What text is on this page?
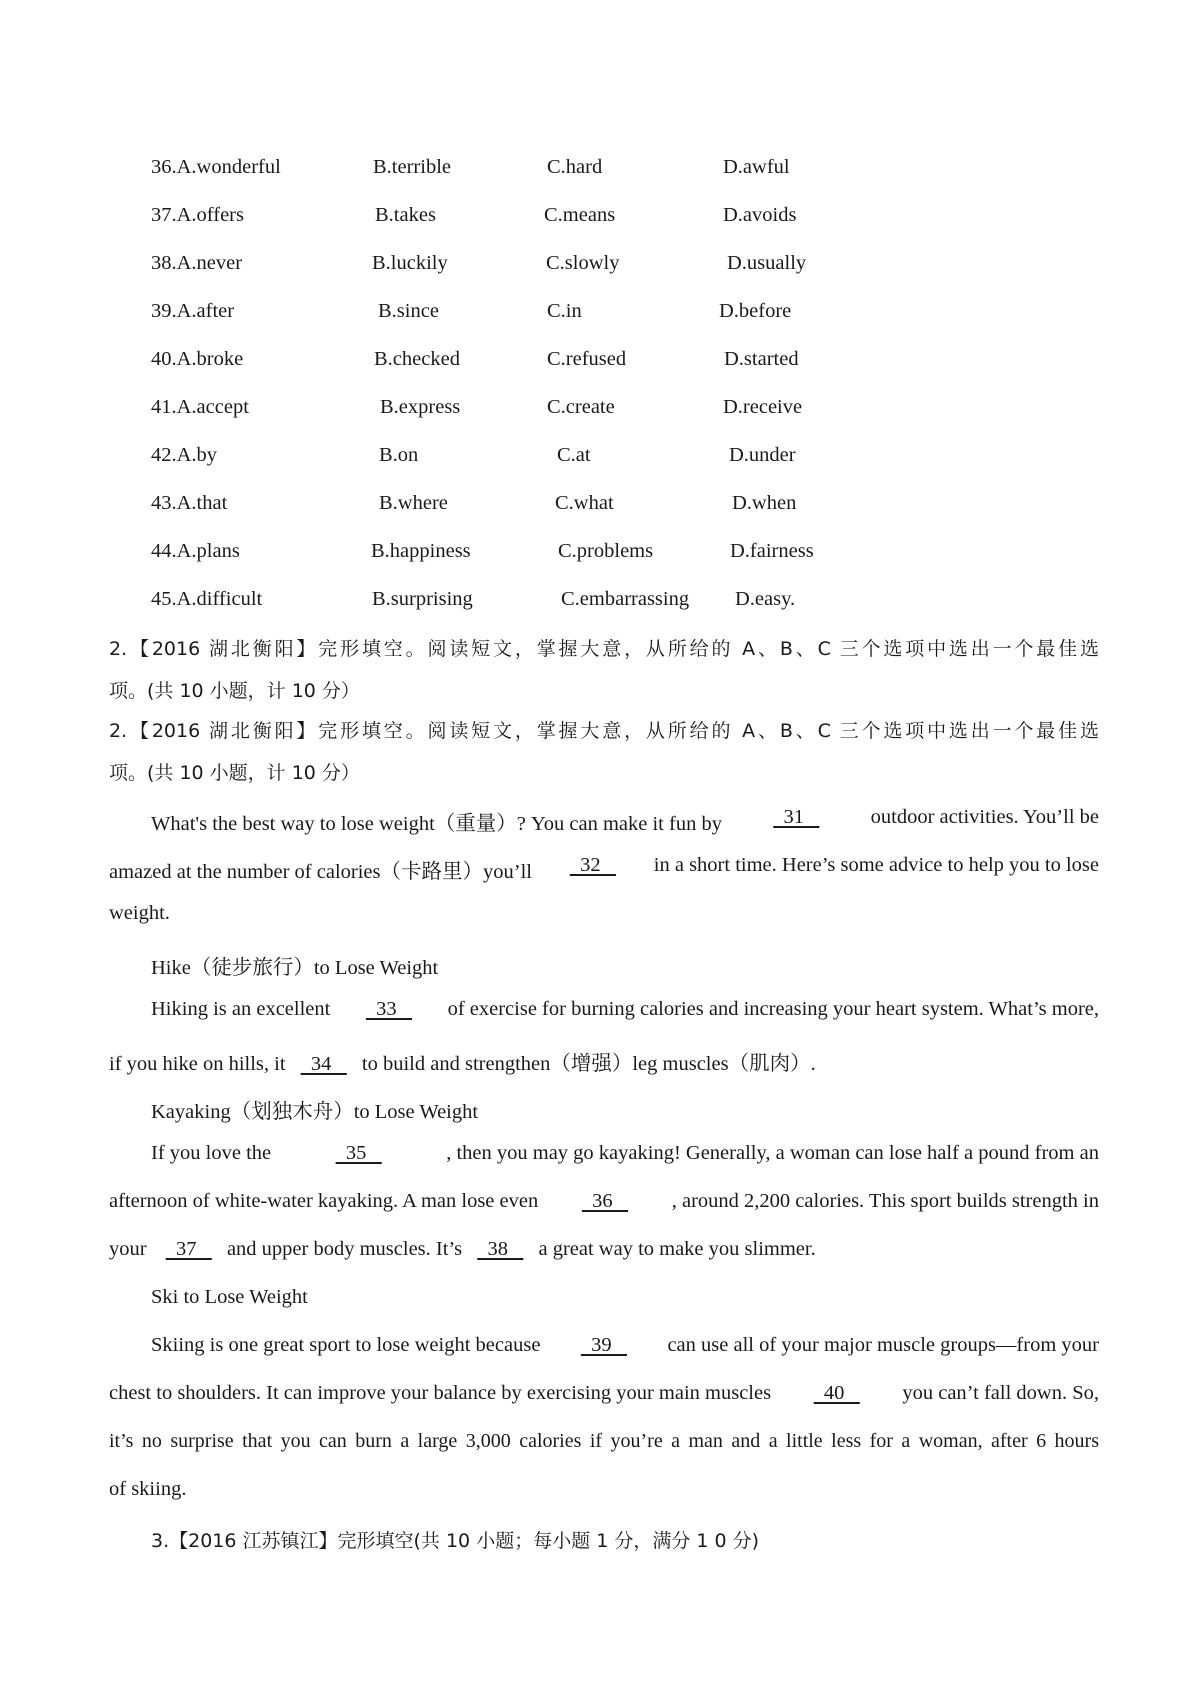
36.A.wonderful	B.terrible	C.hard	D.awful
37.A.offers	B.takes	C.means	D.avoids
38.A.never	B.luckily	C.slowly	D.usually
39.A.after	B.since	C.in	D.before
40.A.broke	B.checked	C.refused	D.started
41.A.accept	B.express	C.create	D.receive
42.A.by	B.on	C.at	D.under
43.A.that	B.where	C.what	D.when
44.A.plans	B.happiness	C.problems	D.fairness
45.A.difficult	B.surprising	C.embarrassing D.easy.
2.【2016 湖北衡阳】完形填空。阅读短文，掌握大意，从所给的 A、B、C 三个选项中选出一个最佳选
项。(共 10 小题，计 10 分）
2.【2016 湖北衡阳】完形填空。阅读短文，掌握大意，从所给的 A、B、C 三个选项中选出一个最佳选
项。(共 10 小题，计 10 分）
What's the best way to lose weight（重量）? You can make it fun by	31	outdoor activities. You’ll be
amazed at the number of calories（卡路里）you’ll 32 in a short time. Here’s some advice to help you to lose
weight.
Hike（徒步旅行）to Lose Weight
Hiking is an excellent 33 of exercise for burning calories and increasing your heart system. What’s more,
if you hike on hills, it   34    to build and strengthen（增强）leg muscles（肌肉）.
Kayaking（划独木舟）to Lose Weight
If you love the	35	, then you may go kayaking! Generally, a woman can lose half a pound from an
afternoon of white-water kayaking. A man lose even 36 , around 2,200 calories. This sport builds strength in
your   37    and upper body muscles. It’s   38    a great way to make you slimmer.
Ski to Lose Weight
Skiing is one great sport to lose weight because 39 can use all of your major muscle groups—from your
chest to shoulders. It can improve your balance by exercising your main muscles 40 you can’t fall down. So,
it’s no surprise that you can burn a large 3,000 calories if you’re a man and a little less for a woman, after 6 hours
of skiing.
3.【2016 江苏镇江】完形填空(共 10 小题；每小题 1 分，满分 1 0 分)
